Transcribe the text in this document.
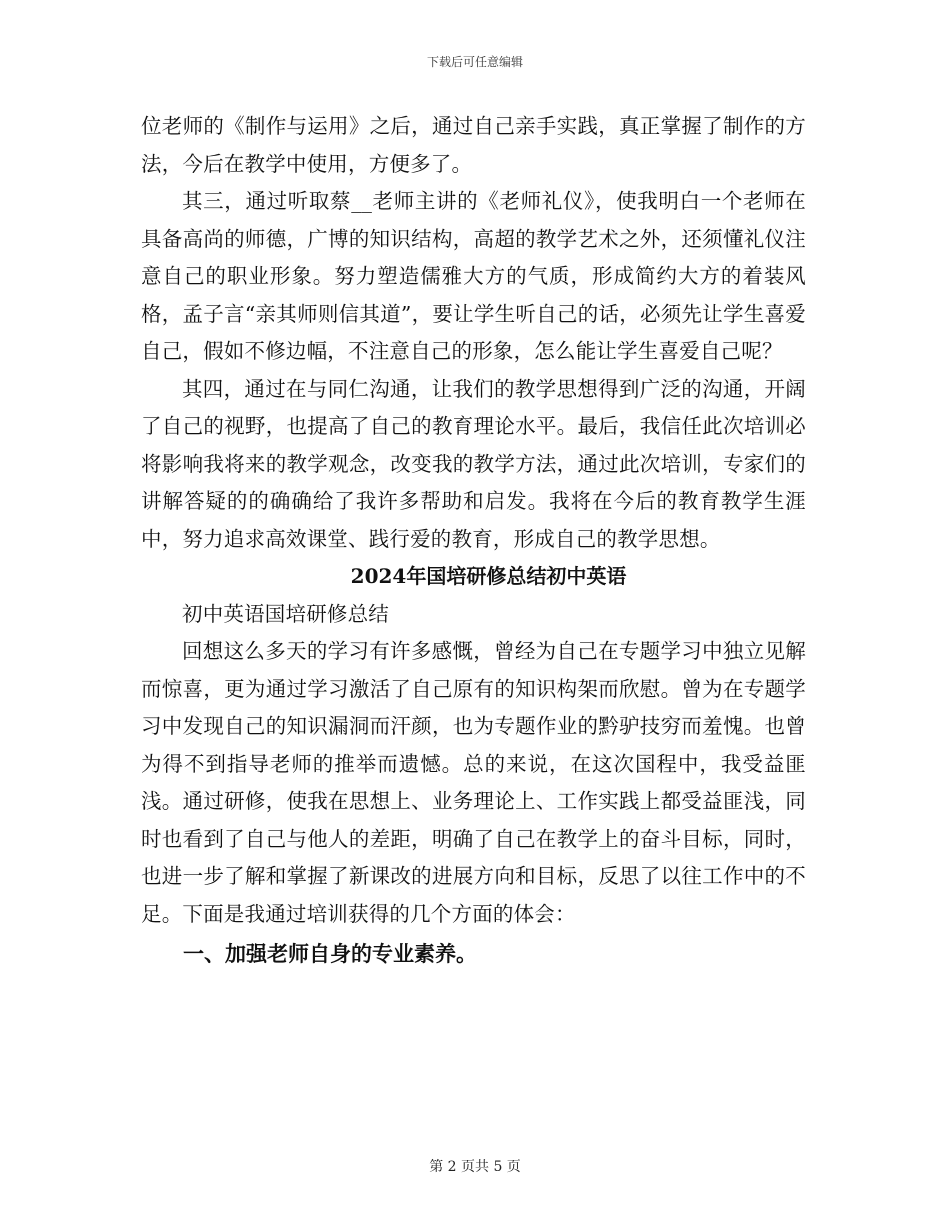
下载后可任意编辑

位老师的《制作与运用》之后，通过自己亲手实践，真正掌握了制作的方法，今后在教学中使用，方便多了。

其三，通过听取蔡__老师主讲的《老师礼仪》，使我明白一个老师在具备高尚的师德，广博的知识结构，高超的教学艺术之外，还须懂礼仪注意自己的职业形象。努力塑造儒雅大方的气质，形成简约大方的着装风格，孟子言“亲其师则信其道”，要让学生听自己的话，必须先让学生喜爱自己，假如不修边幅，不注意自己的形象，怎么能让学生喜爱自己呢？

其四，通过在与同仁沟通，让我们的教学思想得到广泛的沟通，开阔了自己的视野，也提高了自己的教育理论水平。最后，我信任此次培训必将影响我将来的教学观念，改变我的教学方法，通过此次培训，专家们的讲解答疑的的确确给了我许多帮助和启发。我将在今后的教育教学生涯中，努力追求高效课堂、践行爱的教育，形成自己的教学思想。

2024年国培研修总结初中英语

初中英语国培研修总结

回想这么多天的学习有许多感慨，曾经为自己在专题学习中独立见解而惊喜，更为通过学习激活了自己原有的知识构架而欣慰。曾为在专题学习中发现自己的知识漏洞而汗颜，也为专题作业的黔驴技穷而羞愧。也曾为得不到指导老师的推举而遗憾。总的来说，在这次国程中，我受益匪浅。通过研修，使我在思想上、业务理论上、工作实践上都受益匪浅，同时也看到了自己与他人的差距，明确了自己在教学上的奋斗目标，同时，也进一步了解和掌握了新课改的进展方向和目标，反思了以往工作中的不足。下面是我通过培训获得的几个方面的体会：

一、加强老师自身的专业素养。

第 2 页共 5 页
